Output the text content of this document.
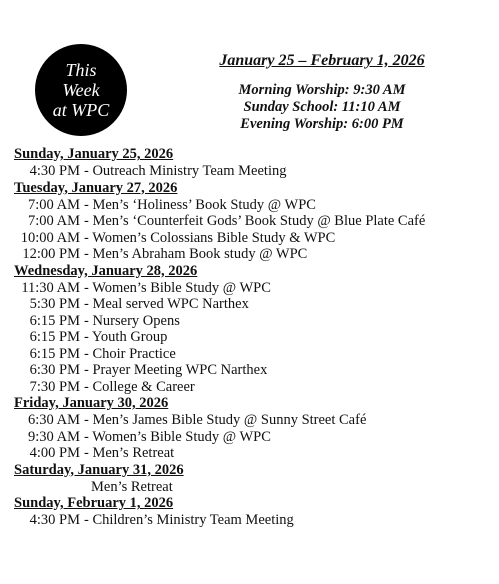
This
Week
at WPC
January 25 – February 1, 2026
Morning Worship: 9:30 AM
Sunday School: 11:10 AM
Evening Worship: 6:00 PM
Sunday, January 25, 2026
4:30 PM - Outreach Ministry Team Meeting
Tuesday, January 27, 2026
7:00 AM - Men’s ‘Holiness’ Book Study @ WPC
7:00 AM - Men’s ‘Counterfeit Gods’ Book Study @ Blue Plate Café
10:00 AM - Women’s Colossians Bible Study & WPC
12:00 PM - Men’s Abraham Book study @ WPC
Wednesday, January 28, 2026
11:30 AM - Women’s Bible Study @ WPC
5:30 PM - Meal served WPC Narthex
6:15 PM - Nursery Opens
6:15 PM - Youth Group
6:15 PM - Choir Practice
6:30 PM - Prayer Meeting WPC Narthex
7:30 PM - College & Career
Friday, January 30, 2026
6:30 AM - Men’s James Bible Study @ Sunny Street Café
9:30 AM - Women’s Bible Study @ WPC
4:00 PM - Men’s Retreat
Saturday, January 31, 2026
Men’s Retreat
Sunday, February 1, 2026
4:30 PM - Children’s Ministry Team Meeting
